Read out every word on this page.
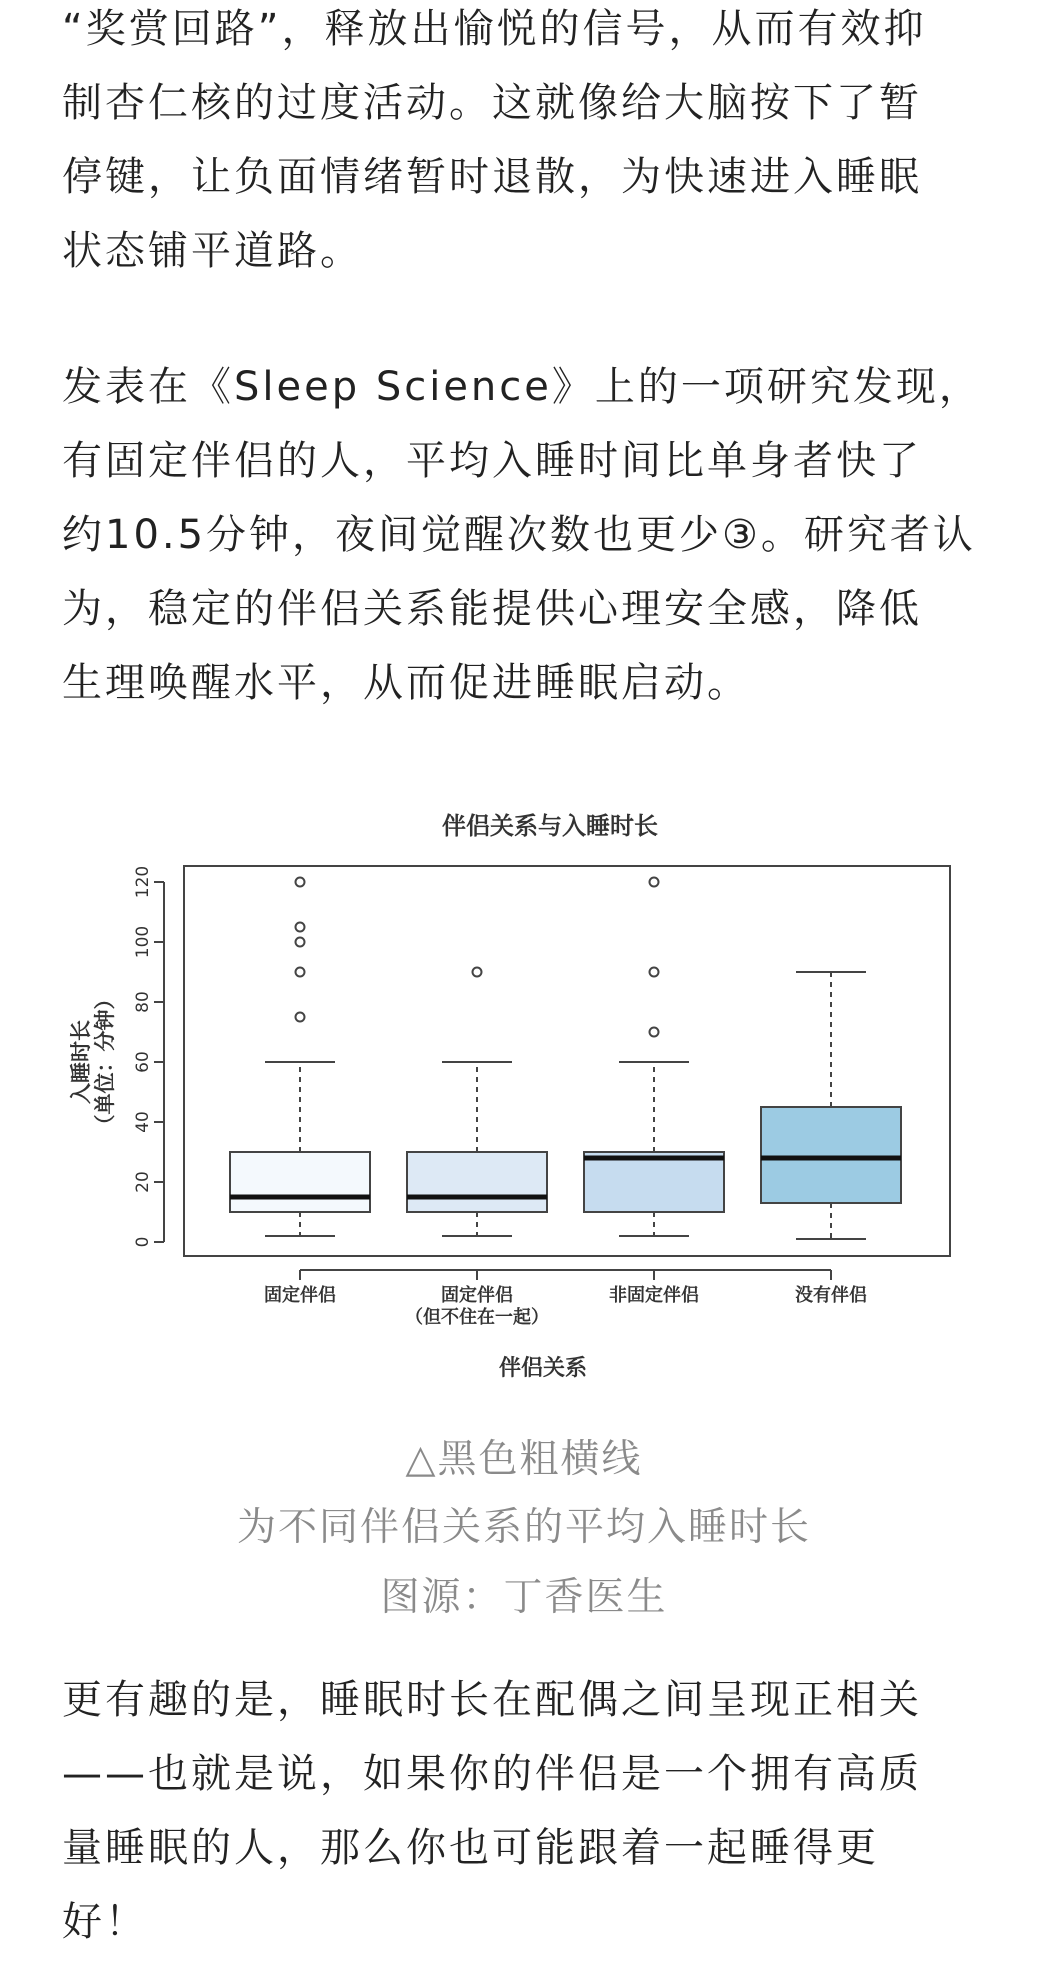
“奖赏回路”，释放出愉悦的信号，从而有效抑
制杏仁核的过度活动。这就像给大脑按下了暂
停键，让负面情绪暂时退散，为快速进入睡眠
状态铺平道路。
发表在《Sleep Science》上的一项研究发现，
有固定伴侣的人，平均入睡时间比单身者快了
约10.5分钟，夜间觉醒次数也更少③。研究者认
为，稳定的伴侣关系能提供心理安全感，降低
生理唤醒水平，从而促进睡眠启动。
伴侣关系与入睡时长
0
20
40
60
80
100
120
入睡时长 （单位：分钟）
固定伴侣	固定伴侣
（但不住在一起）
非固定伴侣	没有伴侣
伴侣关系

△黑色粗横线

为不同伴侣关系的平均入睡时长

图源：丁香医生

更有趣的是，睡眠时长在配偶之间呈现正相关
——也就是说，如果你的伴侣是一个拥有高质
量睡眠的人，那么你也可能跟着一起睡得更
好！
